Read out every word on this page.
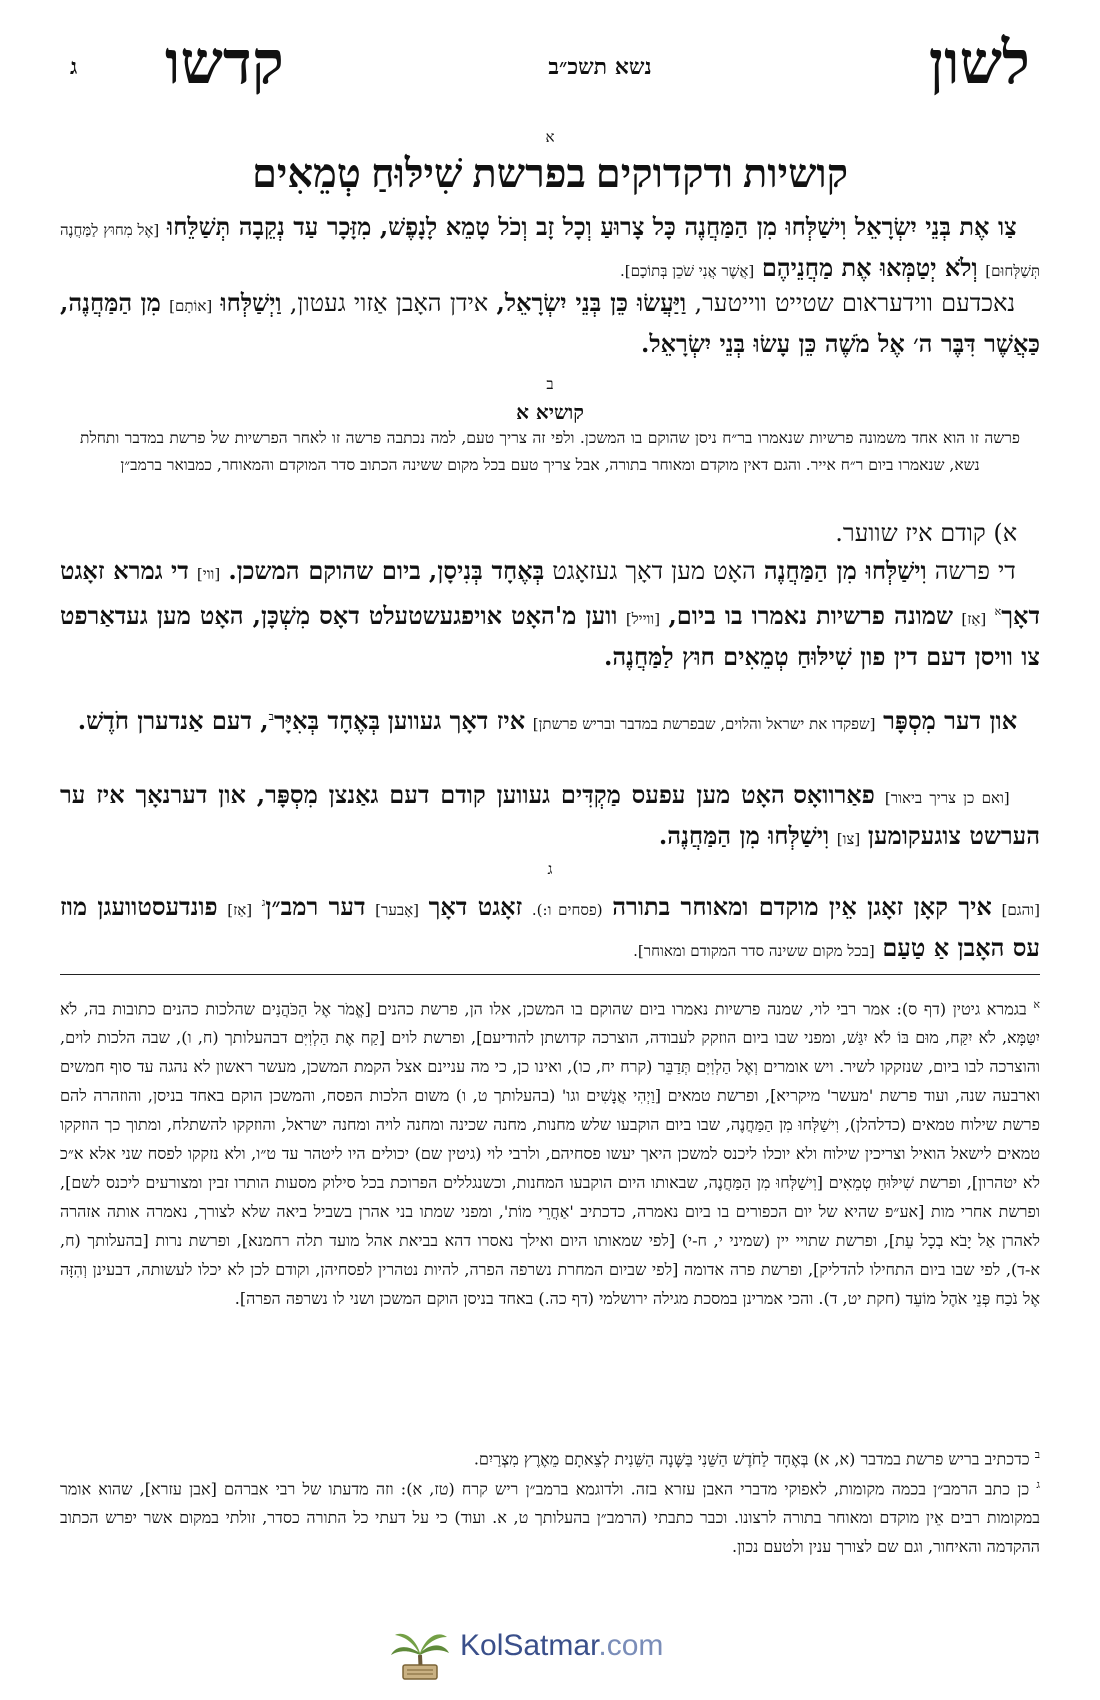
לשון
נשא תשכ״ב
קדשו
ג
א
קושיות ודקדוקים בפרשת שִׁילּוּחַ טְמֵאִים
צַו אֶת בְּנֵי יִשְׂרָאֵל וִישַׁלְּחוּ מִן הַמַּחֲנֶה כָּל צָרוּעַ וְכָל זָב וְכֹל טָמֵא לָנָפֶשׁ, מִזָּכָר עַד נְקֵבָה תְּשַׁלֵּחוּ [אֶל מִחוּץ לַמַּחֲנֶה תְּשַׁלְּחוּם] וְלֹא יְטַמְּאוּ אֶת מַחֲנֵיהֶם [אֲשֶׁר אֲנִי שֹׁכֵן בְּתוֹכָם].
נאכדעם ווידעראום שטייט ווייטער, וַיַּעֲשׂוּ כֵּן בְּנֵי יִשְׂרָאֵל, אידן האָבן אַזוי געטון, וַיְשַׁלְּחוּ [אוֹתָם] מִן הַמַּחֲנֶה, כַּאֲשֶׁר דִּבֶּר ה׳ אֶל מֹשֶׁה כֵּן עָשׂוּ בְּנֵי יִשְׂרָאֵל.
ב
קושיא א
פרשה זו הוא אחד משמונה פרשיות שנאמרו בר״ח ניסן שהוקם בו המשכן. ולפי זה צריך טעם, למה נכתבה פרשה זו לאחר הפרשיות של פרשת במדבר ותחלת נשא, שנאמרו ביום ר״ח אייר. והגם דאין מוקדם ומאוחר בתורה, אבל צריך טעם בכל מקום ששינה הכתוב סדר המוקדם והמאוחר, כמבואר ברמב״ן
א) קודם איז שווער.
די פרשה וִישַׁלְּחוּ מִן הַמַּחֲנֶה האָט מען דאָך געזאָגט בְּאֶחָד בְּנִיסָן, ביום שהוקם המשכן. [ווי] די גמרא זאָגט דאָך$^א$ [אַז] שמונה פרשיות נאמרו בו ביום, [ווייל] ווען מ'האָט אויפגעשטעלט דאָס מִשְׁכָּן, האָט מען געדאַרפט צו וויסן דעם דין פון שִׁילּוּחַ טְמֵאִים חוּץ לַמַּחֲנֶה.
און דער מִסְפָּר [שפקדו את ישראל והלוים, שבפרשת במדבר ובריש פרשתן] איז דאָך געווען בְּאֶחָד בְּאִיָּר$^ב$, דעם אַנדערן חֹדֶשׁ.
[ואם כן צריך ביאור] פאַרוואָס האָט מען עפעס מַקְדִּים געווען קודם דעם גאַנצן מִסְפָּר, און דערנאָך איז ער הערשט צוגעקומען [צו] וִישַׁלְּחוּ מִן הַמַּחֲנֶה.
ג
[והגם] איך קאָן זאָגן אֵין מוקדם ומאוחר בתורה (פסחים ו:). זאָגט דאָך [אָבער] דער רמב״ן$^ג$ [אַז] פונדעסטוועגן מוז עס האָבן אַ טַעַם [בכל מקום ששינה סדר המקודם ומאוחר].
$^א$ בגמרא גיטין (דף ס): אמר רבי לוי, שמנה פרשיות נאמרו ביום שהוקם בו המשכן, אלו הן, פרשת כהנים [אֱמֹר אֶל הַכֹּהֲנִים שהלכות כהנים כתובות בה, לֹא יִטַּמָּא, לֹא יִקַּח, מוּם בּוֹ לֹא יִגַּשׁ, ומפני שבו ביום הוזקק לעבודה, הוצרכה קדושתן להודיעם], ופרשת לוים [קַח אֶת הַלְוִיִּם דבהעלותך (ח, ו), שבה הלכות לוים, והוצרכה לבו ביום, שנזקקו לשיר. ויש אומרים וְאֶל הַלְוִיִּם תְּדַבֵּר (קרח יח, כו), ואינו כן, כי מה עניינם אצל הקמת המשכן, מעשר ראשון לא נהגה עד סוף חמשים וארבעה שנה, ועוד פרשת 'מעשר' מיקריא], ופרשת טמאים [וַיְהִי אֲנָשִׁים וגו' (בהעלותך ט, ו) משום הלכות הפסח, והמשכן הוקם באחד בניסן, והוזהרה להם פרשת שילוח טמאים (כדלהלן), וִישַׁלְּחוּ מִן הַמַּחֲנֶה, שבו ביום הוקבעו שלש מחנות, מחנה שכינה ומחנה לויה ומחנה ישראל, והוזקקו להשתלח, ומתוך כך הוזקקו טמאים לישאל הואיל וצריכין שילוח ולא יוכלו ליכנס למשכן היאך יעשו פסחיהם, ולרבי לוי (גיטין שם) יכולים היו ליטהר עד ט״ו, ולא נזקקו לפסח שני אלא א״כ לא יטהרון], ופרשת שִׁילּוּחַ טְמֵאִים [וִישַׁלְּחוּ מִן הַמַּחֲנֶה, שבאותו היום הוקבעו המחנות, וכשנגללים הפרוכת בכל סילוק מסעות הותרו זבין ומצורעים ליכנס לשם], ופרשת אחרי מות [אע״פ שהיא של יום הכפורים בו ביום נאמרה, כדכתיב 'אַחֲרֵי מוֹת', ומפני שמתו בני אהרן בשביל ביאה שלא לצורך, נאמרה אותה אזהרה לאהרן אַל יָבֹא בְכָל עֵת], ופרשת שתויי יין (שמיני י, ח-י) [לפי שמאותו היום ואילך נאסרו דהא בביאת אהל מועד תלה רחמנא], ופרשת נרות [בהעלותך (ח, א-ד), לפי שבו ביום התחילו להדליק], ופרשת פרה אדומה [לפי שביום המחרת נשרפה הפרה, להיות נטהרין לפסחיהן, וקודם לכן לא יכלו לעשותה, דבעינן וְהִזָּה אֶל נֹכַח פְּנֵי אֹהֶל מוֹעֵד (חקת יט, ד). והכי אמרינן במסכת מגילה ירושלמי (דף כה.) באחד בניסן הוקם המשכן ושני לו נשרפה הפרה].
$^ב$ כדכתיב בריש פרשת במדבר (א, א) בְּאֶחָד לַחֹדֶשׁ הַשֵּׁנִי בַּשָּׁנָה הַשֵּׁנִית לְצֵאתָם מֵאֶרֶץ מִצְרַיִם.
$^ג$ כן כתב הרמב״ן בכמה מקומות, לאפוקי מדברי האבן עזרא בזה. ולדוגמא ברמב״ן ריש קרח (טז, א): וזה מדעתו של רבי אברהם [אבן עזרא], שהוא אומר במקומות רבים אֵין מוקדם ומאוחר בתורה לרצונו. וכבר כתבתי (הרמב״ן בהעלותך ט, א. ועוד) כי על דעתי כל התורה כסדר, זולתי במקום אשר יפרש הכתוב ההקדמה והאיחור, וגם שם לצורך ענין ולטעם נכון.
KolSatmar.com
